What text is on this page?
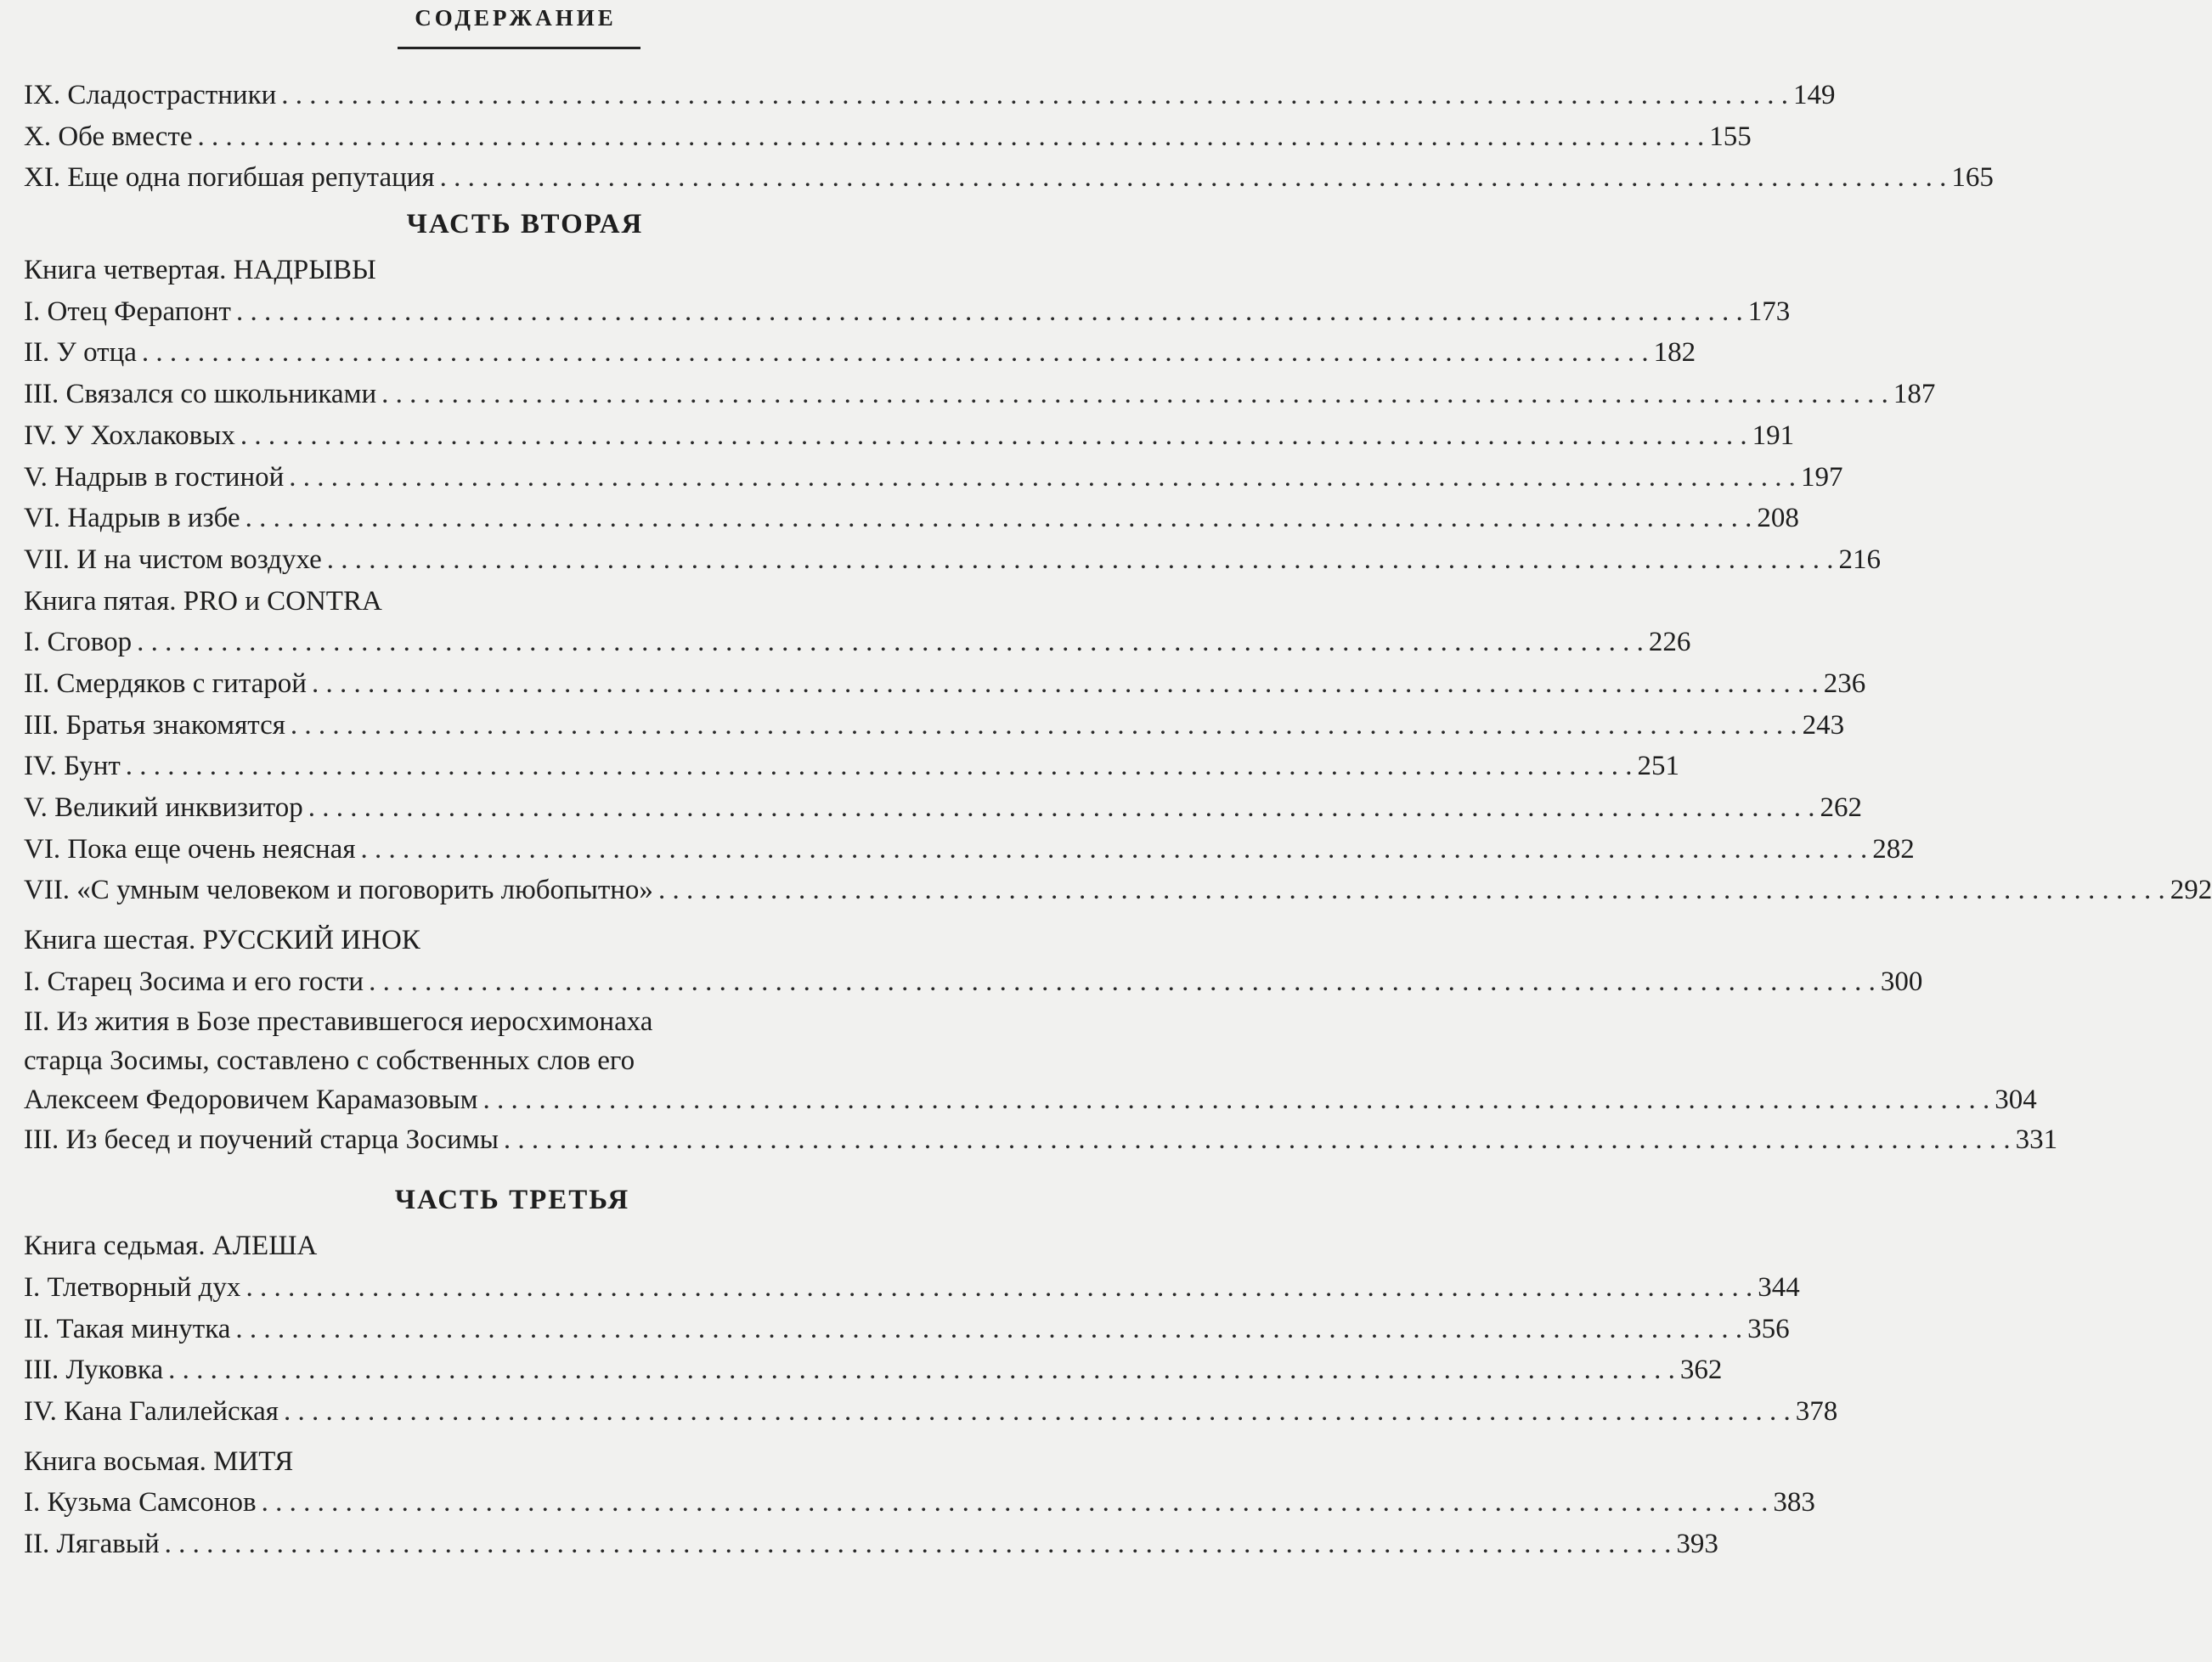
СОДЕРЖАНИЕ
IX. Сладострастники . . .	149
X. Обе вместе . . .	155
XI. Еще одна погибшая репутация . . .	165
ЧАСТЬ ВТОРАЯ
Книга четвертая. НАДРЫВЫ
I. Отец Ферапонт . . .	173
II. У отца . . .	182
III. Связался со школьниками . . .	187
IV. У Хохлаковых . . .	191
V. Надрыв в гостиной . . .	197
VI. Надрыв в избе . . .	208
VII. И на чистом воздухе . . .	216
Книга пятая. PRO и CONTRA
I. Сговор . . .	226
II. Смердяков с гитарой . . .	236
III. Братья знакомятся . . .	243
IV. Бунт . . .	251
V. Великий инквизитор . . .	262
VI. Пока еще очень неясная . . .	282
VII. «С умным человеком и поговорить любопытно» . . .	292
Книга шестая. РУССКИЙ ИНОК
I. Старец Зосима и его гости . . .	300
II. Из жития в Бозе преставившегося иеросхимонаха
старца Зосимы, составлено с собственных слов его
Алексеем Федоровичем Карамазовым . . .	304
III. Из бесед и поучений старца Зосимы . . .	331
ЧАСТЬ ТРЕТЬЯ
Книга седьмая. АЛЕША
I. Тлетворный дух . . .	344
II. Такая минутка . . .	356
III. Луковка . . .	362
IV. Кана Галилейская . . .	378
Книга восьмая. МИТЯ
I. Кузьма Самсонов . . .	383
II. Лягавый . . .	393
